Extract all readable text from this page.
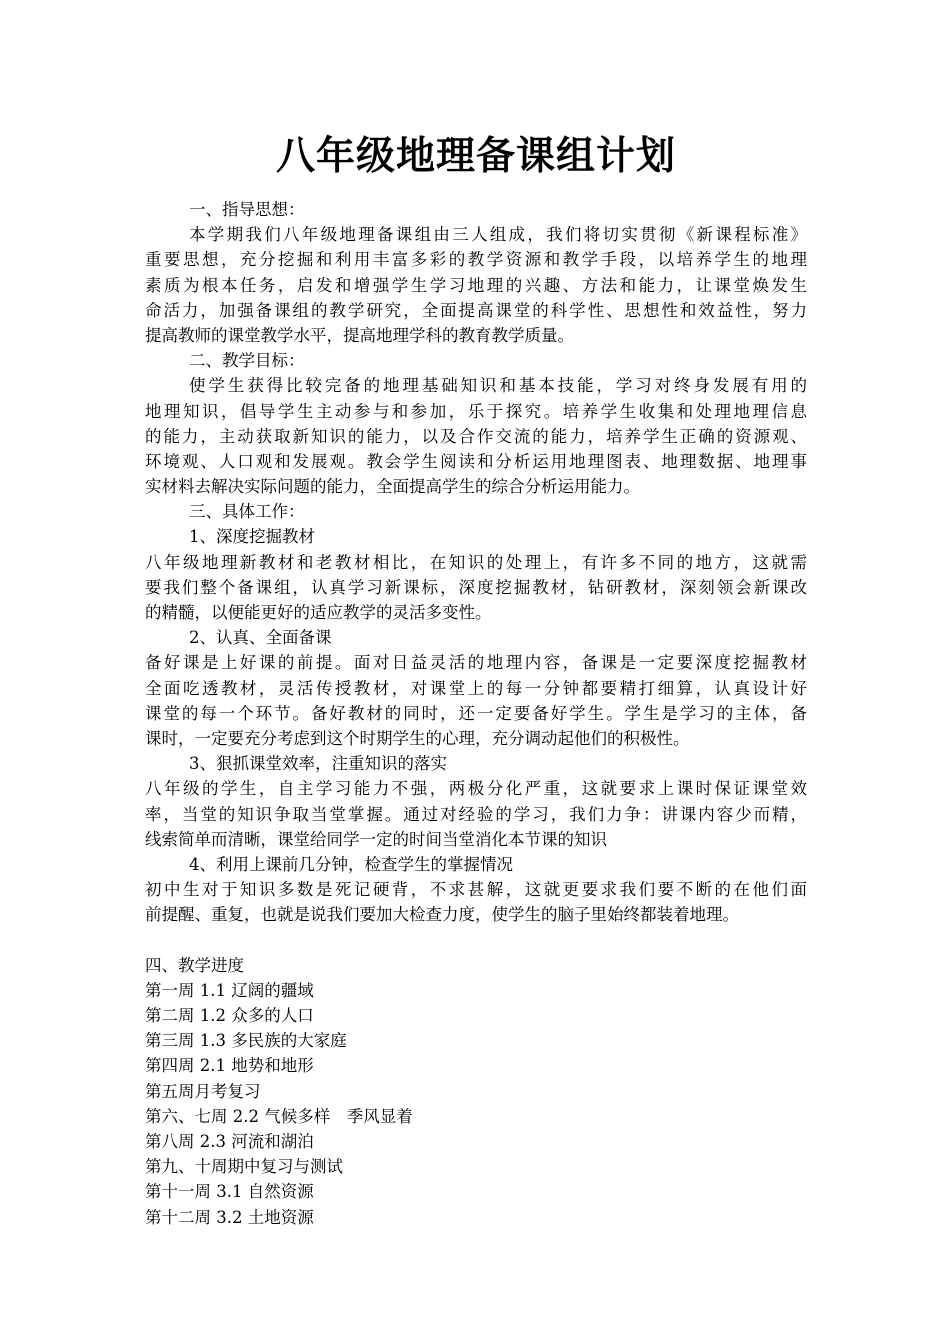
八年级地理备课组计划
一、指导思想：
本学期我们八年级地理备课组由三人组成，我们将切实贯彻《新课程标准》
重要思想，充分挖掘和利用丰富多彩的教学资源和教学手段，以培养学生的地理
素质为根本任务，启发和增强学生学习地理的兴趣、方法和能力，让课堂焕发生
命活力，加强备课组的教学研究，全面提高课堂的科学性、思想性和效益性，努力
提高教师的课堂教学水平，提高地理学科的教育教学质量。
二、教学目标：
使学生获得比较完备的地理基础知识和基本技能，学习对终身发展有用的
地理知识，倡导学生主动参与和参加，乐于探究。培养学生收集和处理地理信息
的能力，主动获取新知识的能力，以及合作交流的能力，培养学生正确的资源观、
环境观、人口观和发展观。教会学生阅读和分析运用地理图表、地理数据、地理事
实材料去解决实际问题的能力，全面提高学生的综合分析运用能力。
三、具体工作：
1、深度挖掘教材
八年级地理新教材和老教材相比，在知识的处理上，有许多不同的地方，这就需
要我们整个备课组，认真学习新课标，深度挖掘教材，钻研教材，深刻领会新课改
的精髓，以便能更好的适应教学的灵活多变性。
2、认真、全面备课
备好课是上好课的前提。面对日益灵活的地理内容，备课是一定要深度挖掘教材
全面吃透教材，灵活传授教材，对课堂上的每一分钟都要精打细算，认真设计好
课堂的每一个环节。备好教材的同时，还一定要备好学生。学生是学习的主体，备
课时，一定要充分考虑到这个时期学生的心理，充分调动起他们的积极性。
3、狠抓课堂效率，注重知识的落实
八年级的学生，自主学习能力不强，两极分化严重，这就要求上课时保证课堂效
率，当堂的知识争取当堂掌握。通过对经验的学习，我们力争：讲课内容少而精，
线索简单而清晰，课堂给同学一定的时间当堂消化本节课的知识
4、利用上课前几分钟，检查学生的掌握情况
初中生对于知识多数是死记硬背，不求甚解，这就更要求我们要不断的在他们面
前提醒、重复，也就是说我们要加大检查力度，使学生的脑子里始终都装着地理。
四、教学进度
第一周 1.1 辽阔的疆域
第二周 1.2 众多的人口
第三周 1.3 多民族的大家庭
第四周 2.1 地势和地形
第五周月考复习
第六、七周 2.2 气候多样　季风显着
第八周 2.3 河流和湖泊
第九、十周期中复习与测试
第十一周 3.1 自然资源
第十二周 3.2 土地资源
